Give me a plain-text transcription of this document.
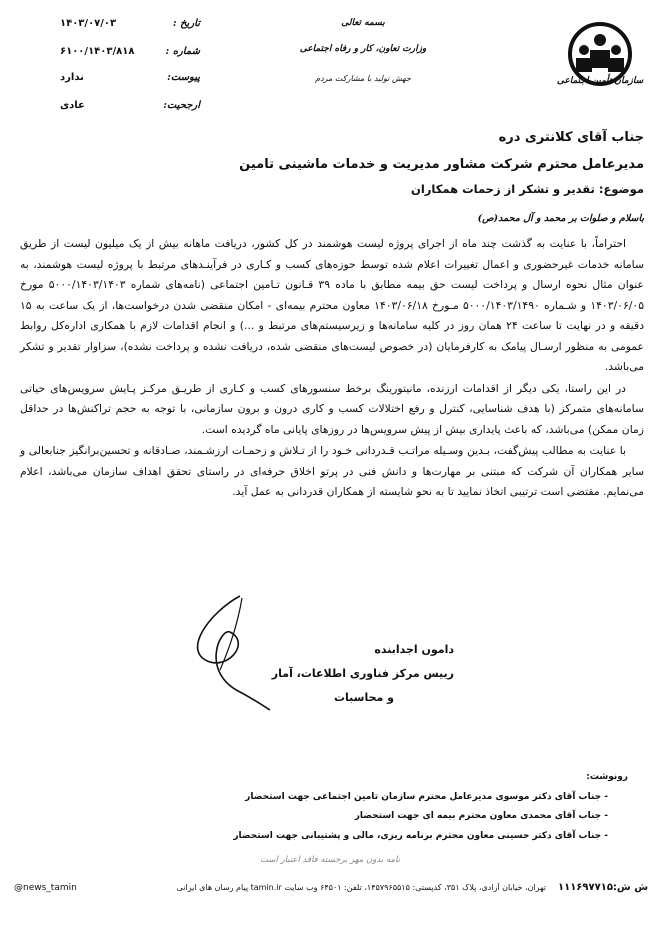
سازمان تأمین اجتماعی
بسمه تعالی
وزارت تعاون، کار و رفاه اجتماعی
جهش تولید با مشارکت مردم
تاریخ :
۱۴۰۳/۰۷/۰۳
شماره :
۶۱۰۰/۱۴۰۳/۸۱۸
پیوست:
ندارد
ارجحیت:
عادی
جناب آقای کلانتری دره
مدیرعامل محترم شرکت مشاور مدیریت و خدمات ماشینی تامین
موضوع: تقدیر و تشکر از زحمات همکاران
باسلام و صلوات بر محمد و آل محمد(ص)

احتراماً، با عنایت به گذشت چند ماه از اجرای پروژه لیست هوشمند در کل کشور، دریافت ماهانه بیش از یک میلیون لیست از طریق سامانه خدمات غیرحضوری و اعمال تغییرات اعلام شده توسط حوزه‌های کسب و کـاری در فرآینـدهای مرتبط با پروژه لیست هوشمند، به عنوان مثال نحوه ارسال و پرداخت لیست حق بیمه مطابق با ماده ۳۹ قـانون تـامین اجتماعی (نامه‌های شماره ۵۰۰۰/۱۴۰۳/۱۴۰۳ مورخ ۱۴۰۳/۰۶/۰۵ و شـماره ۵۰۰۰/۱۴۰۳/۱۴۹۰ مـورخ ۱۴۰۳/۰۶/۱۸ معاون محترم بیمه‌ای - امکان منقضی شدن درخواست‌ها، از یک ساعت به ۱۵ دقیقه و در نهایت تا ساعت ۲۴ همان روز در کلیه سامانه‌ها و زیرسیستم‌های مرتبط و ...) و انجام اقدامات لازم با همکاری اداره‌کل روابط عمومی به منظور ارسـال پیامک به کارفرمایان (در خصوص لیست‌های منقضی شده، دریافت نشده و پرداخت نشده)، سزاوار تقدیر و تشکر می‌باشد.

در این راستا، یکی دیگر از اقدامات ارزنده، مانیتورینگ برخط سنسورهای کسب و کـاری از طریـق مرکـز پـایش سرویس‌های حیاتی سامانه‌های متمرکز (با هدف شناسایی، کنترل و رفع اختلالات کسب و کاری درون و برون سازمانی، با توجه به حجم تراکنش‌ها در حداقل زمان ممکن) می‌باشد، که باعث پایداری بیش از پیش سرویس‌ها در روزهای پایانی ماه گردیده است.

با عنایت به مطالب پیش‌گفت، بـدین وسـیله مراتـب قـدردانی خـود را از تـلاش و زحمـات ارزشـمند، صـادقانه و تحسین‌برانگیز جنابعالی و سایر همکاران آن شرکت که مبتنی بر مهارت‌ها و دانش فنی در پرتو اخلاق حرفه‌ای در راستای تحقق اهداف سازمان می‌باشد، اعلام می‌نمایم. مقتضی است ترتیبی اتخاذ نمایید تا به نحو شایسته از همکاران قدردانی به عمل آید.

داموں اجدابنده
رییس مرکز فناوری اطلاعات، آمار
و محاسبات
رونوشت:
- جناب آقای دکتر موسوی مدیرعامل محترم سازمان تامین اجتماعی جهت استحضار
- جناب آقای محمدی معاون محترم بیمه ای جهت استحضار
- جناب آقای دکتر حسینی معاون محترم برنامه ریزی، مالی و پشتیبانی جهت استحضار
نامه بدون مهر برجسته فاقد اعتبار است
ش ش:۱۱۱۶۹۷۷۱۵
تهران، خیابان آزادی، پلاک ۳۵۱، کدپستی: ۱۴۵۷۹۶۵۵۱۵، تلفن: ۶۴۵۰۱ وب سایت tamin.ir پیام رسان های ایرانی
@news_tamin
